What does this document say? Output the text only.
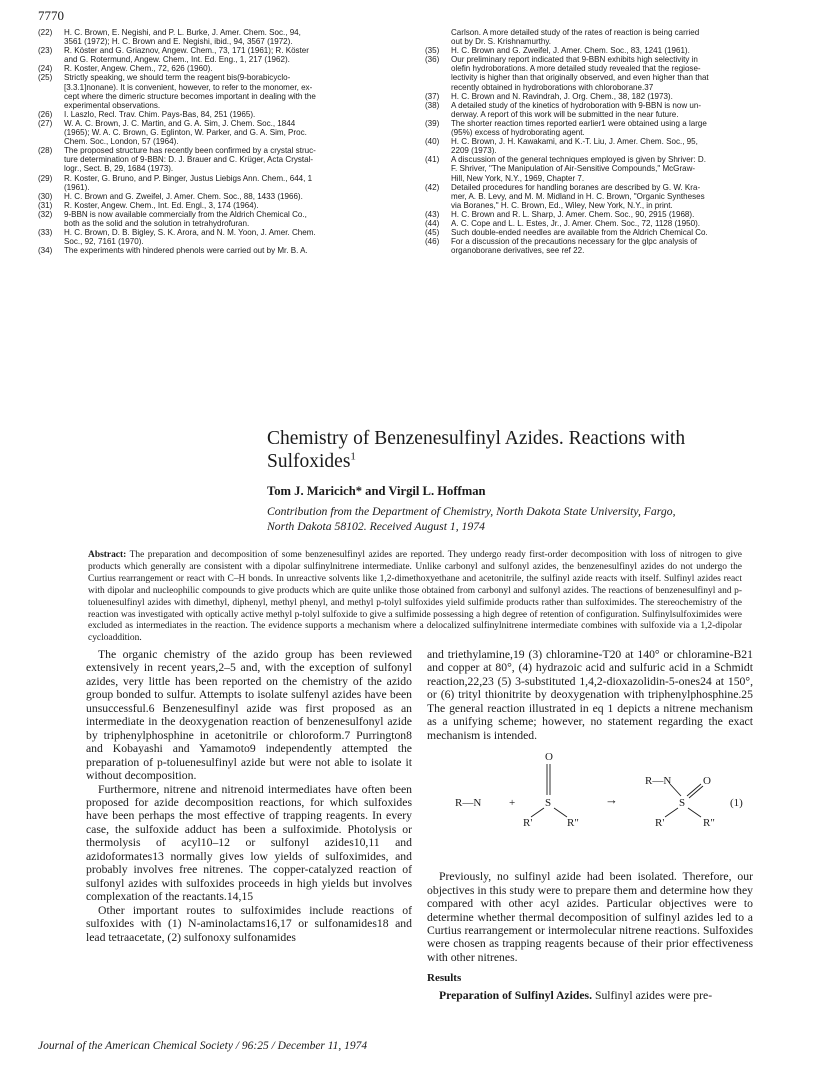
7770
(22) H. C. Brown, E. Negishi, and P. L. Burke, J. Amer. Chem. Soc., 94,
3561 (1972); H. C. Brown and E. Negishi, ibid., 94, 3567 (1972).
(23) R. Köster and G. Griaznov, Angew. Chem., 73, 171 (1961); R. Köster
and G. Rotermund, Angew. Chem., Int. Ed. Eng., 1, 217 (1962).
(24) R. Koster, Angew. Chem., 72, 626 (1960).
(25) Strictly speaking, we should term the reagent bis(9-borabicyclo-
[3.3.1]nonane). It is convenient, however, to refer to the monomer, ex-
cept where the dimeric structure becomes important in dealing with the
experimental observations.
(26) I. Laszlo, Recl. Trav. Chim. Pays-Bas, 84, 251 (1965).
(27) W. A. C. Brown, J. C. Martin, and G. A. Sim, J. Chem. Soc., 1844
(1965); W. A. C. Brown, G. Eglinton, W. Parker, and G. A. Sim, Proc.
Chem. Soc., London, 57 (1964).
(28) The proposed structure has recently been confirmed by a crystal struc-
ture determination of 9-BBN: D. J. Brauer and C. Krüger, Acta Crystal-
logr., Sect. B, 29, 1684 (1973).
(29) R. Koster, G. Bruno, and P. Binger, Justus Liebigs Ann. Chem., 644, 1
(1961).
(30) H. C. Brown and G. Zweifel, J. Amer. Chem. Soc., 88, 1433 (1966).
(31) R. Koster, Angew. Chem., Int. Ed. Engl., 3, 174 (1964).
(32) 9-BBN is now available commercially from the Aldrich Chemical Co.,
both as the solid and the solution in tetrahydrofuran.
(33) H. C. Brown, D. B. Bigley, S. K. Arora, and N. M. Yoon, J. Amer. Chem.
Soc., 92, 7161 (1970).
(34) The experiments with hindered phenols were carried out by Mr. B. A.
Carlson. A more detailed study of the rates of reaction is being carried
out by Dr. S. Krishnamurthy.
(35) H. C. Brown and G. Zweifel, J. Amer. Chem. Soc., 83, 1241 (1961).
(36) Our preliminary report indicated that 9-BBN exhibits high selectivity in
olefin hydroborations. A more detailed study revealed that the regiose-
lectivity is higher than that originally observed, and even higher than that
recently obtained in hydroborations with chloroborane.37
(37) H. C. Brown and N. Ravindrah, J. Org. Chem., 38, 182 (1973).
(38) A detailed study of the kinetics of hydroboration with 9-BBN is now un-
derway. A report of this work will be submitted in the near future.
(39) The shorter reaction times reported earlier1 were obtained using a large
(95%) excess of hydroborating agent.
(40) H. C. Brown, J. H. Kawakami, and K.-T. Liu, J. Amer. Chem. Soc., 95,
2209 (1973).
(41) A discussion of the general techniques employed is given by Shriver: D.
F. Shriver, "The Manipulation of Air-Sensitive Compounds," McGraw-
Hill, New York, N.Y., 1969, Chapter 7.
(42) Detailed procedures for handling boranes are described by G. W. Kra-
mer, A. B. Levy, and M. M. Midland in H. C. Brown, "Organic Syntheses
via Boranes," H. C. Brown, Ed., Wiley, New York, N.Y., in print.
(43) H. C. Brown and R. L. Sharp, J. Amer. Chem. Soc., 90, 2915 (1968).
(44) A. C. Cope and L. L. Estes, Jr., J. Amer. Chem. Soc., 72, 1128 (1950).
(45) Such double-ended needles are available from the Aldrich Chemical Co.
(46) For a discussion of the precautions necessary for the glpc analysis of
organoborane derivatives, see ref 22.
Chemistry of Benzenesulfinyl Azides. Reactions with
Sulfoxides$^1$
Tom J. Maricich* and Virgil L. Hoffman
Contribution from the Department of Chemistry, North Dakota State University, Fargo,
North Dakota 58102. Received August 1, 1974
Abstract: The preparation and decomposition of some benzenesulfinyl azides are reported. They undergo ready first-order decomposition with loss of nitrogen to give products which generally are consistent with a dipolar sulfinylnitrene intermediate. Unlike carbonyl and sulfonyl azides, the benzenesulfinyl azides do not undergo the Curtius rearrangement or react with C–H bonds. In unreactive solvents like 1,2-dimethoxyethane and acetonitrile, the sulfinyl azide reacts with itself. Sulfinyl azides react with dipolar and nucleophilic compounds to give products which are quite unlike those obtained from carbonyl and sulfonyl azides. The reactions of benzenesulfinyl and p-toluenesulfinyl azides with dimethyl, diphenyl, methyl phenyl, and methyl p-tolyl sulfoxides yield sulfimide products rather than sulfoximides. The stereochemistry of the reaction was investigated with optically active methyl p-tolyl sulfoxide to give a sulfimide possessing a high degree of retention of configuration. Sulfinylsulfoximides were excluded as intermediates in the reaction. The evidence supports a mechanism where a delocalized sulfinylnitrene intermediate combines with sulfoxide via a 1,2-dipolar cycloaddition.

The organic chemistry of the azido group has been reviewed extensively in recent years,2–5 and, with the exception of sulfonyl azides, very little has been reported on the chemistry of the azido group bonded to sulfur. Attempts to isolate sulfenyl azides have been unsuccessful.6 Benzenesulfinyl azide was first proposed as an intermediate in the deoxygenation reaction of benzenesulfonyl azide by triphenylphosphine in acetonitrile or chloroform.7 Purrington8 and Kobayashi and Yamamoto9 independently attempted the preparation of p-toluenesulfinyl azide but were not able to isolate it without decomposition.

Furthermore, nitrene and nitrenoid intermediates have often been proposed for azide decomposition reactions, for which sulfoxides have been perhaps the most effective of trapping reagents. In every case, the sulfoxide adduct has been a sulfoximide. Photolysis or thermolysis of acyl10–12 or sulfonyl azides10,11 and azidoformates13 normally gives low yields of sulfoximides, and probably involves free nitrenes. The copper-catalyzed reaction of sulfonyl azides with sulfoxides proceeds in high yields but involves complexation of the reactants.14,15

Other important routes to sulfoximides include reactions of sulfoxides with (1) N-aminolactams16,17 or sulfonamides18 and lead tetraacetate, (2) sulfonoxy sulfonamides

and triethylamine,19 (3) chloramine-T20 at 140° or chloramine-B21 and copper at 80°, (4) hydrazoic acid and sulfuric acid in a Schmidt reaction,22,23 (5) 3-substituted 1,4,2-dioxazolidin-5-ones24 at 150°, or (6) trityl thionitrite by deoxygenation with triphenylphosphine.25 The general reaction illustrated in eq 1 depicts a nitrene mechanism as a unifying scheme; however, no statement regarding the exact mechanism is intended.

O
R—N	+	S
R'	R"
→
R—N	O
S
R'	R"
(1)

Previously, no sulfinyl azide had been isolated. Therefore, our objectives in this study were to prepare them and determine how they compared with other acyl azides. Particular objectives were to determine whether thermal decomposition of sulfinyl azides led to a Curtius rearrangement or intermolecular nitrene reactions. Sulfoxides were chosen as trapping reagents because of their prior effectiveness with other nitrenes.

Results

Preparation of Sulfinyl Azides. Sulfinyl azides were pre-

Journal of the American Chemical Society / 96:25 / December 11, 1974
